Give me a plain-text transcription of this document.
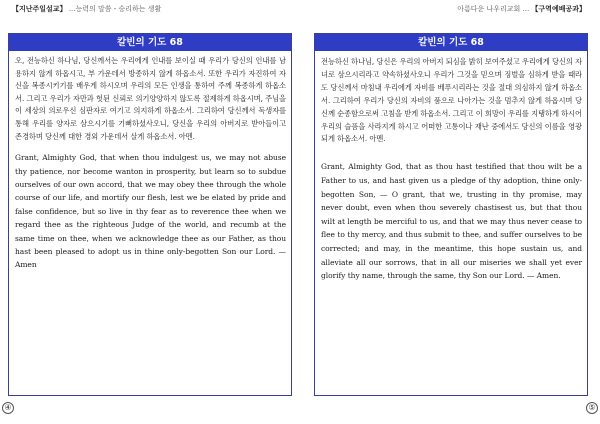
【지난주일설교】 ...능력의 말씀 - 승리하는 생활
칼빈의 기도 68
오, 전능하신 하나님, 당신께서는 우리에게 인내를 보이실 때 우리가 당신의 인내를 남용하지 않게 하옵시고, 부 가운데서 방종하지 않게 하옵소서. 또한 우리가 자진하여 자신을 복종시키기를 배우게 하시오며 우리의 모든 인생을 통하여 주께 복종하게 하옵소서. 그리고 우리가 자만과 헛된 신뢰로 의기양양하지 않도록 절제하게 하옵시며, 주님을 이 세상의 의로우신 심판자로 여기고 의지하게 하옵소서. 그리하여 당신께서 독생자를 통해 우리를 양자로 삼으시기를 기뻐하셨사오니, 당신을 우리의 아버지로 받아들이고 존경하며 당신께 대한 경외 가운데서 살게 하옵소서. 아멘.
Grant, Almighty God, that when thou indulgest us, we may not abuse thy patience, nor become wanton in prosperity, but learn so to subdue ourselves of our own accord, that we may obey thee through the whole course of our life, and mortify our flesh, lest we be elated by pride and false confidence, but so live in thy fear as to reverence thee when we regard thee as the righteous Judge of the world, and recumb at the same time on thee, when we acknowledge thee as our Father, as thou hast been pleased to adopt us in thine only-begotten Son our Lord. — Amen
④
아름다운 나우리교회 ... 【구역예배공과】
칼빈의 기도 68
전능하신 하나님, 당신은 우리의 아버지 되심을 밝히 보여주셨고 우리에게 당신의 자녀로 삼으시리라고 약속하셨사오니 우리가 그것을 믿으며 징벌을 심하게 받을 때라도 당신께서 마침내 우리에게 자비를 베푸시리라는 것을 절대 의심하지 않게 하옵소서. 그리하여 우리가 당신의 자비의 품으로 나아가는 것을 멈추지 않게 하옵시며 당신께 순종함으로써 고침을 받게 하옵소서. 그리고 이 희망이 우리를 지탱하게 하시어 우리의 슬픔을 사라지게 하시고 어떠한 고통이나 재난 중에서도 당신의 이름을 영광되게 하옵소서. 아멘.
Grant, Almighty God, that as thou hast testified that thou wilt be a Father to us, and hast given us a pledge of thy adoption, thine only-begotten Son, — O grant, that we, trusting in thy promise, may never doubt, even when thou severely chastisest us, but that thou wilt at length be merciful to us, and that we may thus never cease to flee to thy mercy, and thus submit to thee, and suffer ourselves to be corrected; and may, in the meantime, this hope sustain us, and alleviate all our sorrows, that in all our miseries we shall yet ever glorify thy name, through the same, thy Son our Lord. — Amen.
⑤
